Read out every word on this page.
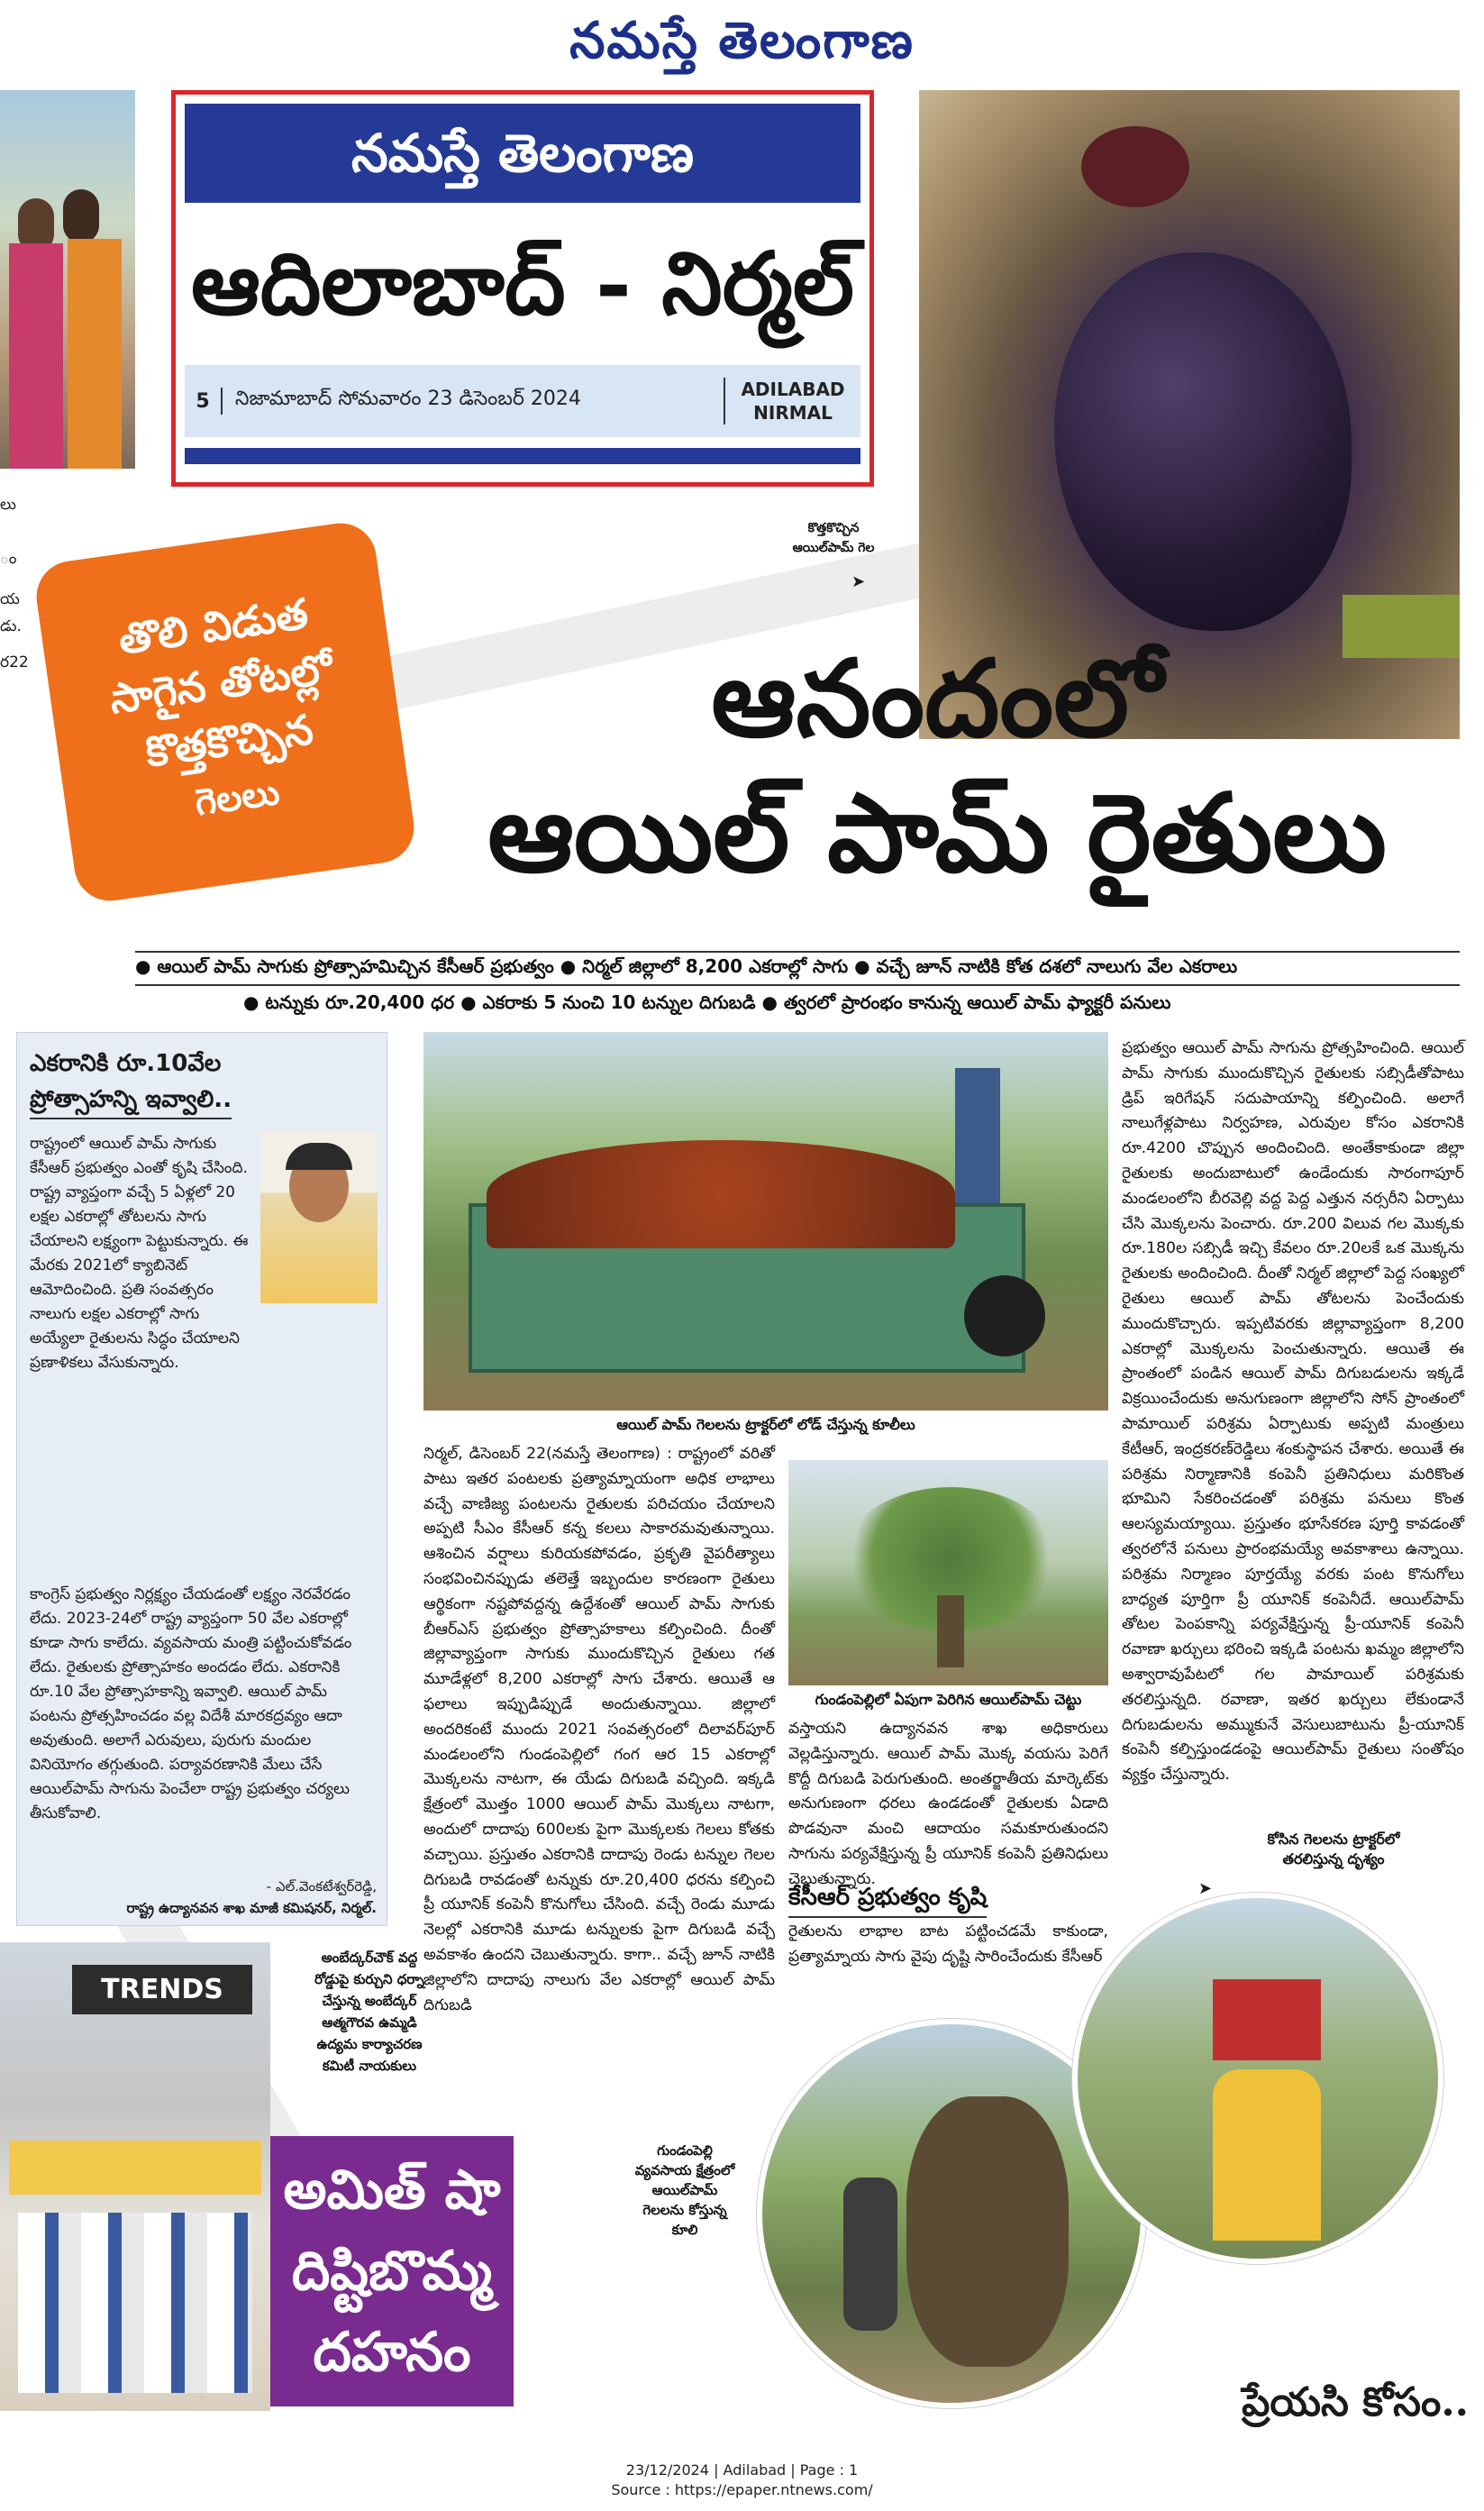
నమస్తే తెలంగాణ
లు
ం
య
డు.
ర22
నమస్తే తెలంగాణ
ఆదిలాబాద్ - నిర్మల్
5	నిజామాబాద్ సోమవారం 23 డిసెంబర్ 2024	ADILABAD
NIRMAL
కొత్తకొచ్చిన
ఆయిల్‌పామ్ గెల
➤
తొలి విడుత
సాగైన తోటల్లో
కొత్తకొచ్చిన
గెలలు
ఆనందంలో
ఆయిల్ పామ్ రైతులు
● ఆయిల్ పామ్ సాగుకు ప్రోత్సాహమిచ్చిన కేసీఆర్ ప్రభుత్వం ● నిర్మల్ జిల్లాలో 8,200 ఎకరాల్లో సాగు ● వచ్చే జూన్ నాటికి కోత దశలో నాలుగు వేల ఎకరాలు
● టన్నుకు రూ.20,400 ధర ● ఎకరాకు 5 నుంచి 10 టన్నుల దిగుబడి ● త్వరలో ప్రారంభం కానున్న ఆయిల్ పామ్ ఫ్యాక్టరీ పనులు
ఎకరానికి రూ.10వేల
ప్రోత్సాహన్ని ఇవ్వాలి..
రాష్ట్రంలో ఆయిల్ పామ్ సాగుకు కేసీఆర్ ప్రభుత్వం ఎంతో కృషి చేసింది. రాష్ట్ర వ్యాప్తంగా వచ్చే 5 ఏళ్లలో 20 లక్షల ఎకరాల్లో తోటలను సాగు చేయాలని లక్ష్యంగా పెట్టుకున్నారు. ఈ మేరకు 2021లో క్యాబినెట్ ఆమోదించింది. ప్రతి సంవత్సరం నాలుగు లక్షల ఎకరాల్లో సాగు అయ్యేలా రైతులను సిద్ధం చేయాలని ప్రణాళికలు వేసుకున్నారు.
కాంగ్రెస్ ప్రభుత్వం నిర్లక్ష్యం చేయడంతో లక్ష్యం నెరవేరడం లేదు. 2023-24లో రాష్ట్ర వ్యాప్తంగా 50 వేల ఎకరాల్లో కూడా సాగు కాలేదు. వ్యవసాయ మంత్రి పట్టించుకోవడం లేదు. రైతులకు ప్రోత్సాహకం అందడం లేదు. ఎకరానికి రూ.10 వేల ప్రోత్సాహకాన్ని ఇవ్వాలి. ఆయిల్ పామ్ పంటను ప్రోత్సహించడం వల్ల విదేశీ మారకద్రవ్యం ఆదా అవుతుంది. అలాగే ఎరువులు, పురుగు మందుల వినియోగం తగ్గుతుంది. పర్యావరణానికి మేలు చేసే ఆయిల్‌పామ్ సాగును పెంచేలా రాష్ట్ర ప్రభుత్వం చర్యలు తీసుకోవాలి.
- ఎల్.వెంకటేశ్వర్‌రెడ్డి,
రాష్ట్ర ఉద్యానవన శాఖ మాజీ కమిషనర్, నిర్మల్.
ఆయిల్ పామ్ గెలలను ట్రాక్టర్‌లో లోడ్ చేస్తున్న కూలీలు
నిర్మల్, డిసెంబర్ 22(నమస్తే తెలంగాణ) : రాష్ట్రంలో వరితో పాటు ఇతర పంటలకు ప్రత్యామ్నాయంగా అధిక లాభాలు వచ్చే వాణిజ్య పంటలను రైతులకు పరిచయం చేయాలని అప్పటి సీఎం కేసీఆర్ కన్న కలలు సాకారమవుతున్నాయి. ఆశించిన వర్షాలు కురియకపోవడం, ప్రకృతి వైపరీత్యాలు సంభవించినప్పుడు తలెత్తే ఇబ్బందుల కారణంగా రైతులు ఆర్థికంగా నష్టపోవద్దన్న ఉద్దేశంతో ఆయిల్ పామ్ సాగుకు బీఆర్‌ఎస్ ప్రభుత్వం ప్రోత్సాహకాలు కల్పించింది. దీంతో జిల్లావ్యాప్తంగా సాగుకు ముందుకొచ్చిన రైతులు గత మూడేళ్లలో 8,200 ఎకరాల్లో సాగు చేశారు. ఆయితే ఆ ఫలాలు ఇప్పుడిప్పుడే అందుతున్నాయి. జిల్లాలో అందరికంటే ముందు 2021 సంవత్సరంలో దిలావర్‌పూర్ మండలంలోని గుండంపెల్లిలో గంగ ఆర 15 ఎకరాల్లో మొక్కలను నాటగా, ఈ యేడు దిగుబడి వచ్చింది. ఇక్కడి క్షేత్రంలో మొత్తం 1000 ఆయిల్ పామ్ మొక్కలు నాటగా, అందులో దాదాపు 600లకు పైగా మొక్కలకు గెలలు కోతకు వచ్చాయి. ప్రస్తుతం ఎకరానికి దాదాపు రెండు టన్నుల గెలల దిగుబడి రావడంతో టన్నుకు రూ.20,400 ధరను కల్పించి ప్రీ యూనిక్ కంపెనీ కొనుగోలు చేసింది. వచ్చే రెండు మూడు నెలల్లో ఎకరానికి మూడు టన్నులకు పైగా దిగుబడి వచ్చే అవకాశం ఉందని చెబుతున్నారు. కాగా.. వచ్చే జూన్ నాటికి జిల్లాలోని దాదాపు నాలుగు వేల ఎకరాల్లో ఆయిల్ పామ్ దిగుబడి
గుండంపెల్లిలో ఏపుగా పెరిగిన ఆయిల్‌పామ్ చెట్టు
వస్తాయని ఉద్యానవన శాఖ అధికారులు వెల్లడిస్తున్నారు. ఆయిల్ పామ్ మొక్క వయసు పెరిగే కొద్దీ దిగుబడి పెరుగుతుంది. అంతర్జాతీయ మార్కెట్‌కు అనుగుణంగా ధరలు ఉండడంతో రైతులకు ఏడాది పొడవునా మంచి ఆదాయం సమకూరుతుందని సాగును పర్యవేక్షిస్తున్న ప్రీ యూనిక్ కంపెనీ ప్రతినిధులు చెబుతున్నారు.
కేసీఆర్ ప్రభుత్వం కృషి
రైతులను లాభాల బాట పట్టించడమే కాకుండా, ప్రత్యామ్నాయ సాగు వైపు దృష్టి సారించేందుకు కేసీఆర్
ప్రభుత్వం ఆయిల్ పామ్ సాగును ప్రోత్సహించింది. ఆయిల్ పామ్ సాగుకు ముందుకొచ్చిన రైతులకు సబ్సిడీతోపాటు డ్రిప్ ఇరిగేషన్ సదుపాయాన్ని కల్పించింది. అలాగే నాలుగేళ్లపాటు నిర్వహణ, ఎరువుల కోసం ఎకరానికి రూ.4200 చొప్పున అందించింది. అంతేకాకుండా జిల్లా రైతులకు అందుబాటులో ఉండేందుకు సారంగాపూర్ మండలంలోని బీరవెల్లి వద్ద పెద్ద ఎత్తున నర్సరీని ఏర్పాటు చేసి మొక్కలను పెంచారు. రూ.200 విలువ గల మొక్కకు రూ.180ల సబ్సిడీ ఇచ్చి కేవలం రూ.20లకే ఒక మొక్కను రైతులకు అందించింది. దీంతో నిర్మల్ జిల్లాలో పెద్ద సంఖ్యలో రైతులు ఆయిల్ పామ్ తోటలను పెంచేందుకు ముందుకొచ్చారు. ఇప్పటివరకు జిల్లావ్యాప్తంగా 8,200 ఎకరాల్లో మొక్కలను పెంచుతున్నారు. ఆయితే ఈ ప్రాంతంలో పండిన ఆయిల్ పామ్ దిగుబడులను ఇక్కడే విక్రయించేందుకు అనుగుణంగా జిల్లాలోని సోన్ ప్రాంతంలో పామాయిల్ పరిశ్రమ ఏర్పాటుకు అప్పటి మంత్రులు కేటీఆర్, ఇంద్రకరణ్‌రెడ్డిలు శంకుస్థాపన చేశారు. అయితే ఈ పరిశ్రమ నిర్మాణానికి కంపెనీ ప్రతినిధులు మరికొంత భూమిని సేకరించడంతో పరిశ్రమ పనులు కొంత ఆలస్యమయ్యాయి. ప్రస్తుతం భూసేకరణ పూర్తి కావడంతో త్వరలోనే పనులు ప్రారంభమయ్యే అవకాశాలు ఉన్నాయి. పరిశ్రమ నిర్మాణం పూర్తయ్యే వరకు పంట కొనుగోలు బాధ్యత పూర్తిగా ప్రీ యూనిక్ కంపెనీదే. ఆయిల్‌పామ్ తోటల పెంపకాన్ని పర్యవేక్షిస్తున్న ప్రీ-యూనిక్ కంపెనీ రవాణా ఖర్చులు భరించి ఇక్కడి పంటను ఖమ్మం జిల్లాలోని అశ్వారావుపేటలో గల పామాయిల్ పరిశ్రమకు తరలిస్తున్నది. రవాణా, ఇతర ఖర్చులు లేకుండానే దిగుబడులను అమ్ముకునే వెసులుబాటును ప్రీ-యూనిక్ కంపెనీ కల్పిస్తుండడంపై ఆయిల్‌పామ్ రైతులు సంతోషం వ్యక్తం చేస్తున్నారు.
కోసిన గెలలను ట్రాక్టర్‌లో
తరలిస్తున్న దృశ్యం
➤
గుండంపెల్లి
వ్యవసాయ క్షేత్రంలో
ఆయిల్‌పామ్
గెలలను కోస్తున్న
కూలి
TRENDS
అంబేద్కర్‌చౌక్ వద్ద
రోడ్డుపై కుర్చుని ధర్నా
చేస్తున్న అంబేద్కర్
ఆత్మగౌరవ ఉమ్మడి
ఉద్యమ కార్యాచరణ
కమిటీ నాయకులు
అమిత్ షా
దిష్టిబొమ్మ
దహనం
ప్రేయసి కోసం..
23/12/2024 | Adilabad | Page : 1
Source : https://epaper.ntnews.com/
